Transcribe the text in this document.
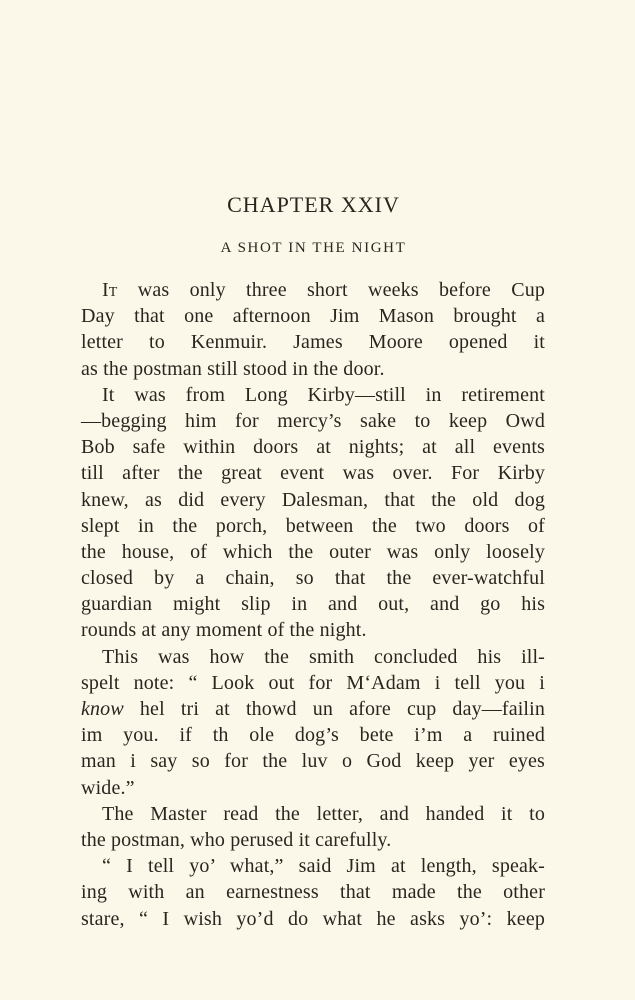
CHAPTER XXIV
A SHOT IN THE NIGHT
It was only three short weeks before Cup
Day that one afternoon Jim Mason brought a
letter to Kenmuir. James Moore opened it
as the postman still stood in the door.
It was from Long Kirby—still in retirement
—begging him for mercy’s sake to keep Owd
Bob safe within doors at nights; at all events
till after the great event was over. For Kirby
knew, as did every Dalesman, that the old dog
slept in the porch, between the two doors of
the house, of which the outer was only loosely
closed by a chain, so that the ever-watchful
guardian might slip in and out, and go his
rounds at any moment of the night.
This was how the smith concluded his ill-
spelt note: “ Look out for M‘Adam i tell you i
know hel tri at thowd un afore cup day—failin
im you. if th ole dog’s bete i’m a ruined
man i say so for the luv o God keep yer eyes
wide.”
The Master read the letter, and handed it to
the postman, who perused it carefully.
“ I tell yo’ what,” said Jim at length, speak-
ing with an earnestness that made the other
stare, “ I wish yo’d do what he asks yo’: keep
